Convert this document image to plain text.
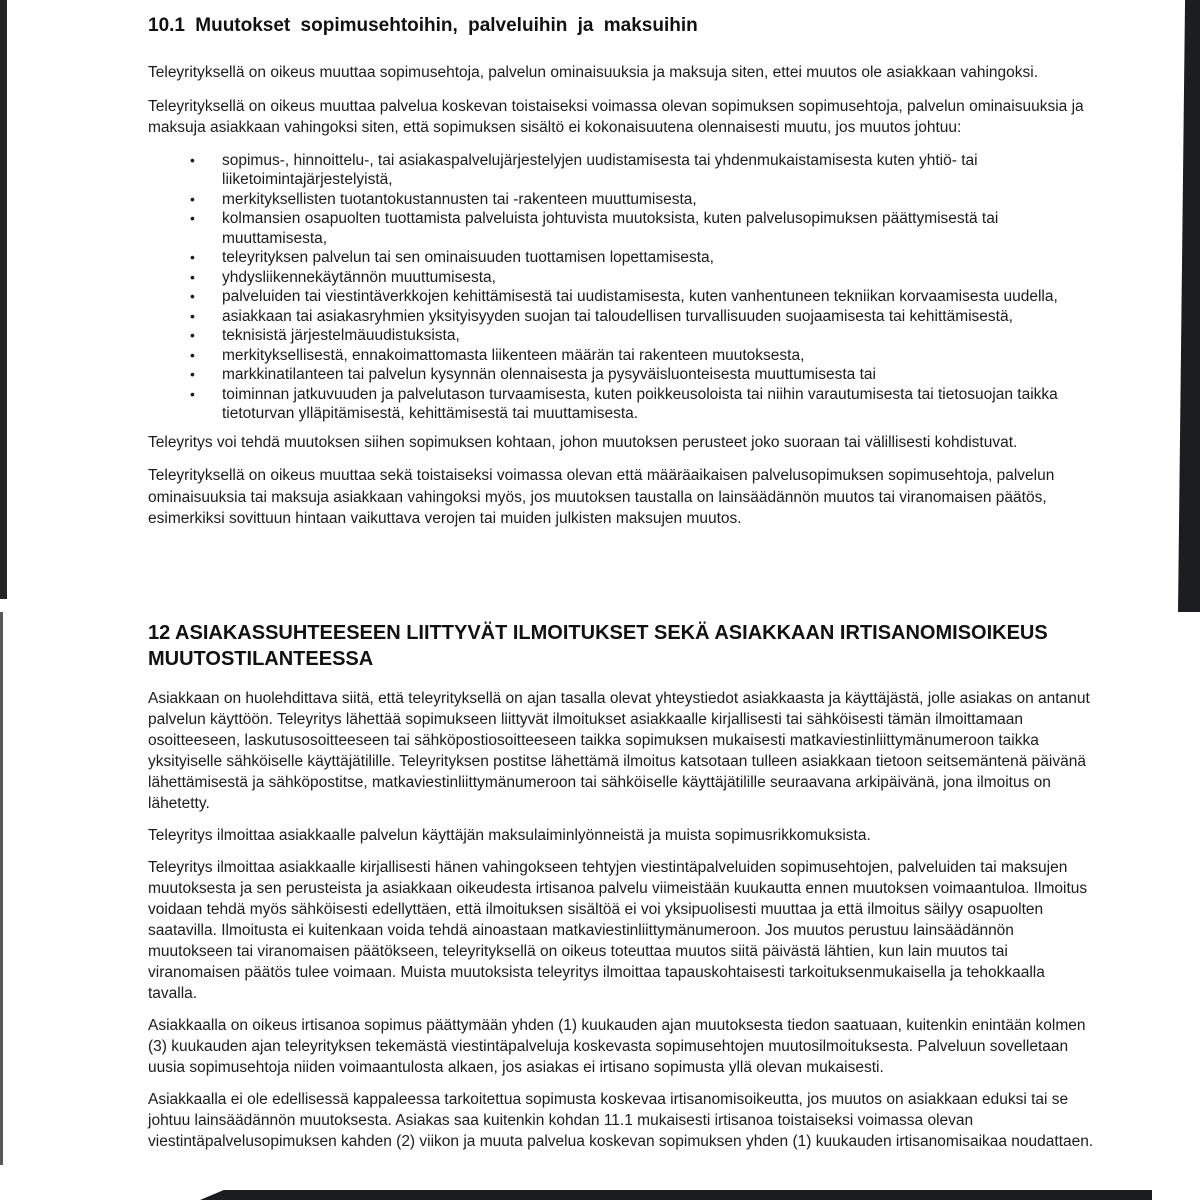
10.1 Muutokset sopimusehtoihin, palveluihin ja maksuihin

Teleyrityksellä on oikeus muuttaa sopimusehtoja, palvelun ominaisuuksia ja maksuja siten, ettei muutos ole asiakkaan vahingoksi.

Teleyrityksellä on oikeus muuttaa palvelua koskevan toistaiseksi voimassa olevan sopimuksen sopimusehtoja, palvelun ominaisuuksia ja maksuja asiakkaan vahingoksi siten, että sopimuksen sisältö ei kokonaisuutena olennaisesti muutu, jos muutos johtuu:

• sopimus-, hinnoittelu-, tai asiakaspalvelujärjestelyjen uudistamisesta tai yhdenmukaistamisesta kuten yhtiö- tai liiketoimintajärjestelyistä,
• merkityksellisten tuotantokustannusten tai -rakenteen muuttumisesta,
• kolmansien osapuolten tuottamista palveluista johtuvista muutoksista, kuten palvelusopimuksen päättymisestä tai muuttamisesta,
• teleyrityksen palvelun tai sen ominaisuuden tuottamisen lopettamisesta,
• yhdysliikennekäytännön muuttumisesta,
• palveluiden tai viestintäverkkojen kehittämisestä tai uudistamisesta, kuten vanhentuneen tekniikan korvaamisesta uudella,
• asiakkaan tai asiakasryhmien yksityisyyden suojan tai taloudellisen turvallisuuden suojaamisesta tai kehittämisestä,
• teknisistä järjestelmäuudistuksista,
• merkityksellisestä, ennakoimattomasta liikenteen määrän tai rakenteen muutoksesta,
• markkinatilanteen tai palvelun kysynnän olennaisesta ja pysyväisluonteisesta muuttumisesta tai
• toiminnan jatkuvuuden ja palvelutason turvaamisesta, kuten poikkeusoloista tai niihin varautumisesta tai tietosuojan taikka tietoturvan ylläpitämisestä, kehittämisestä tai muuttamisesta.

Teleyritys voi tehdä muutoksen siihen sopimuksen kohtaan, johon muutoksen perusteet joko suoraan tai välillisesti kohdistuvat.

Teleyrityksellä on oikeus muuttaa sekä toistaiseksi voimassa olevan että määräaikaisen palvelusopimuksen sopimusehtoja, palvelun ominaisuuksia tai maksuja asiakkaan vahingoksi myös, jos muutoksen taustalla on lainsäädännön muutos tai viranomaisen päätös, esimerkiksi sovittuun hintaan vaikuttava verojen tai muiden julkisten maksujen muutos.

12 ASIAKASSUHTEESEEN LIITTYVÄT ILMOITUKSET SEKÄ ASIAKKAAN IRTISANOMISOIKEUS MUUTOSTILANTEESSA

Asiakkaan on huolehdittava siitä, että teleyrityksellä on ajan tasalla olevat yhteystiedot asiakkaasta ja käyttäjästä, jolle asiakas on antanut palvelun käyttöön. Teleyritys lähettää sopimukseen liittyvät ilmoitukset asiakkaalle kirjallisesti tai sähköisesti tämän ilmoittamaan osoitteeseen, laskutusosoitteeseen tai sähköpostiosoitteeseen taikka sopimuksen mukaisesti matkaviestinliittymänumeroon taikka yksityiselle sähköiselle käyttäjätilille. Teleyrityksen postitse lähettämä ilmoitus katsotaan tulleen asiakkaan tietoon seitsemäntenä päivänä lähettämisestä ja sähköpostitse, matkaviestinliittymänumeroon tai sähköiselle käyttäjätilille seuraavana arkipäivänä, jona ilmoitus on lähetetty.

Teleyritys ilmoittaa asiakkaalle palvelun käyttäjän maksulaiminlyönneistä ja muista sopimusrikkomuksista.

Teleyritys ilmoittaa asiakkaalle kirjallisesti hänen vahingokseen tehtyjen viestintäpalveluiden sopimusehtojen, palveluiden tai maksujen muutoksesta ja sen perusteista ja asiakkaan oikeudesta irtisanoa palvelu viimeistään kuukautta ennen muutoksen voimaantuloa. Ilmoitus voidaan tehdä myös sähköisesti edellyttäen, että ilmoituksen sisältöä ei voi yksipuolisesti muuttaa ja että ilmoitus säilyy osapuolten saatavilla. Ilmoitusta ei kuitenkaan voida tehdä ainoastaan matkaviestinliittymänumeroon. Jos muutos perustuu lainsäädännön muutokseen tai viranomaisen päätökseen, teleyrityksellä on oikeus toteuttaa muutos siitä päivästä lähtien, kun lain muutos tai viranomaisen päätös tulee voimaan. Muista muutoksista teleyritys ilmoittaa tapauskohtaisesti tarkoituksenmukaisella ja tehokkaalla tavalla.

Asiakkaalla on oikeus irtisanoa sopimus päättymään yhden (1) kuukauden ajan muutoksesta tiedon saatuaan, kuitenkin enintään kolmen (3) kuukauden ajan teleyrityksen tekemästä viestintäpalveluja koskevasta sopimusehtojen muutosilmoituksesta. Palveluun sovelletaan uusia sopimusehtoja niiden voimaantulosta alkaen, jos asiakas ei irtisano sopimusta yllä olevan mukaisesti.

Asiakkaalla ei ole edellisessä kappaleessa tarkoitettua sopimusta koskevaa irtisanomisoikeutta, jos muutos on asiakkaan eduksi tai se johtuu lainsäädännön muutoksesta. Asiakas saa kuitenkin kohdan 11.1 mukaisesti irtisanoa toistaiseksi voimassa olevan viestintäpalvelusopimuksen kahden (2) viikon ja muuta palvelua koskevan sopimuksen yhden (1) kuukauden irtisanomisaikaa noudattaen.
